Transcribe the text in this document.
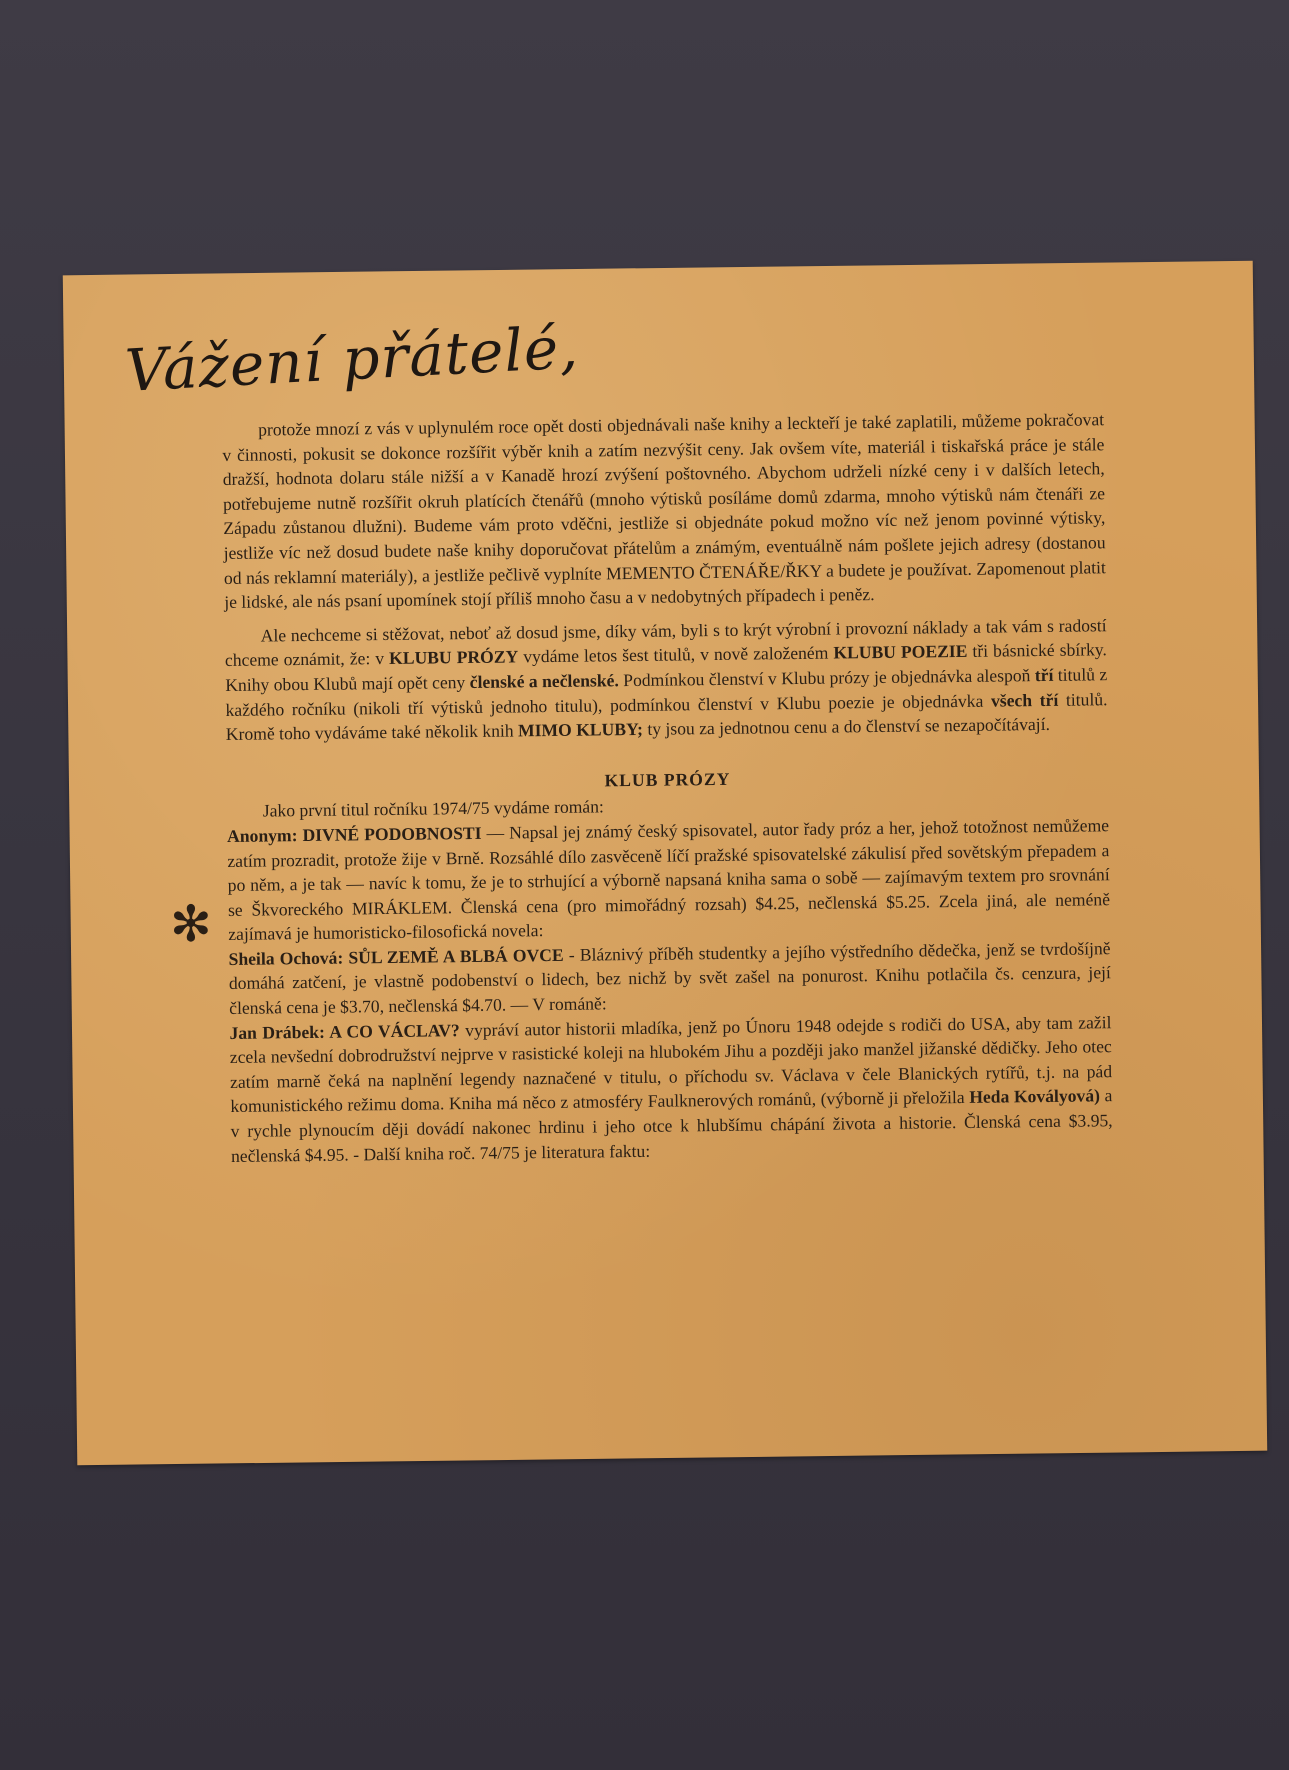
Vážení přátelé,
✻

protože mnozí z vás v uplynulém roce opět dosti objednávali naše knihy a leckteří je také zaplatili, můžeme pokračovat v činnosti, pokusit se dokonce rozšířit výběr knih a zatím nezvýšit ceny. Jak ovšem víte, materiál i tiskařská práce je stále dražší, hodnota dolaru stále nižší a v Kanadě hrozí zvýšení poštovného. Abychom udrželi nízké ceny i v dalších letech, potřebujeme nutně rozšířit okruh platících čtenářů (mnoho výtisků posíláme domů zdarma, mnoho výtisků nám čtenáři ze Západu zůstanou dlužni). Budeme vám proto vděčni, jestliže si objednáte pokud možno víc než jenom povinné výtisky, jestliže víc než dosud budete naše knihy doporučovat přátelům a známým, eventuálně nám pošlete jejich adresy (dostanou od nás reklamní materiály), a jestliže pečlivě vyplníte MEMENTO ČTENÁŘE/ŘKY a budete je používat. Zapomenout platit je lidské, ale nás psaní upomínek stojí příliš mnoho času a v nedobytných případech i peněz.

Ale nechceme si stěžovat, neboť až dosud jsme, díky vám, byli s to krýt výrobní i provozní náklady a tak vám s radostí chceme oznámit, že: v KLUBU PRÓZY vydáme letos šest titulů, v nově založeném KLUBU POEZIE tři básnické sbírky. Knihy obou Klubů mají opět ceny členské a nečlenské. Podmínkou členství v Klubu prózy je objednávka alespoň tří titulů z každého ročníku (nikoli tří výtisků jednoho titulu), podmínkou členství v Klubu poezie je objednávka všech tří titulů. Kromě toho vydáváme také několik knih MIMO KLUBY; ty jsou za jednotnou cenu a do členství se nezapočítávají.

KLUB PRÓZY

Jako první titul ročníku 1974/75 vydáme román:

Anonym: DIVNÉ PODOBNOSTI — Napsal jej známý český spisovatel, autor řady próz a her, jehož totožnost nemůžeme zatím prozradit, protože žije v Brně. Rozsáhlé dílo zasvěceně líčí pražské spisovatelské zákulisí před sovětským přepadem a po něm, a je tak — navíc k tomu, že je to strhující a výborně napsaná kniha sama o sobě — zajímavým textem pro srovnání se Škvoreckého MIRÁKLEM. Členská cena (pro mimořádný rozsah) $4.25, nečlenská $5.25. Zcela jiná, ale neméně zajímavá je humoristicko-filosofická novela:

Sheila Ochová: SŮL ZEMĚ A BLBÁ OVCE - Bláznivý příběh studentky a jejího výstředního dědečka, jenž se tvrdošíjně domáhá zatčení, je vlastně podobenství o lidech, bez nichž by svět zašel na ponurost. Knihu potlačila čs. cenzura, její členská cena je $3.70, nečlenská $4.70. — V románě:

Jan Drábek: A CO VÁCLAV? vypráví autor historii mladíka, jenž po Únoru 1948 odejde s rodiči do USA, aby tam zažil zcela nevšední dobrodružství nejprve v rasistické koleji na hlubokém Jihu a později jako manžel jižanské dědičky. Jeho otec zatím marně čeká na naplnění legendy naznačené v titulu, o příchodu sv. Václava v čele Blanických rytířů, t.j. na pád komunistického režimu doma. Kniha má něco z atmosféry Faulknerových románů, (výborně ji přeložila Heda Kovályová) a v rychle plynoucím ději dovádí nakonec hrdinu i jeho otce k hlubšímu chápání života a historie. Členská cena $3.95, nečlenská $4.95. - Další kniha roč. 74/75 je literatura faktu:
